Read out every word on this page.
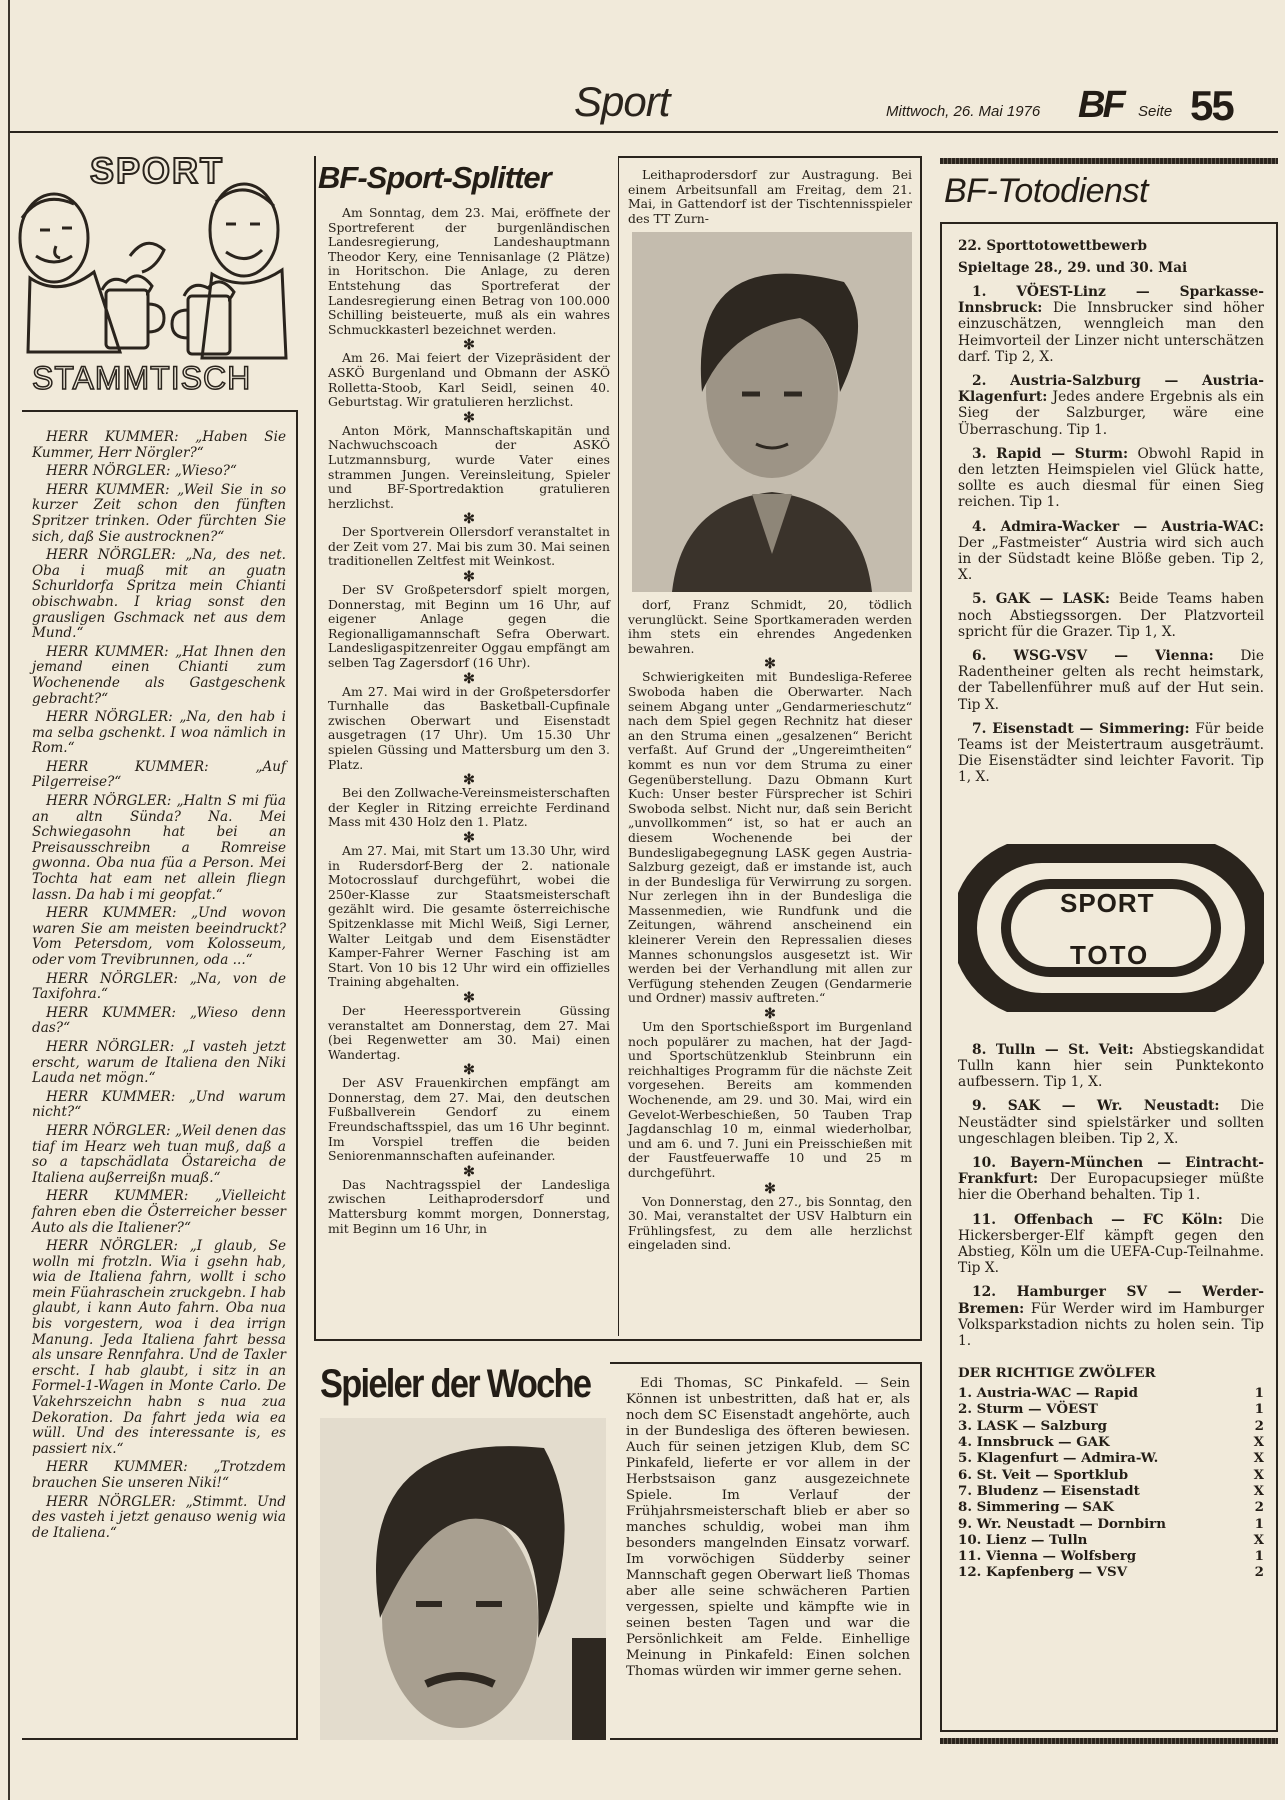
Sport	Mittwoch, 26. Mai 1976 BF Seite 55
SPORT
STAMMTISCH

HERR KUMMER: „Haben Sie Kummer, Herr Nörgler?“

HERR NÖRGLER: „Wieso?“

HERR KUMMER: „Weil Sie in so kurzer Zeit schon den fünften Spritzer trinken. Oder fürchten Sie sich, daß Sie austrocknen?“

HERR NÖRGLER: „Na, des net. Oba i muaß mit an guatn Schurldorfa Spritza mein Chianti obischwabn. I kriag sonst den grausligen Gschmack net aus dem Mund.“

HERR KUMMER: „Hat Ihnen den jemand einen Chianti zum Wochenende als Gastgeschenk gebracht?“

HERR NÖRGLER: „Na, den hab i ma selba gschenkt. I woa nämlich in Rom.“

HERR KUMMER:	„Auf Pilgerreise?“

HERR NÖRGLER: „Haltn S mi füa an altn Sünda? Na. Mei Schwiegasohn hat bei an Preisausschreibn a Romreise gwonna. Oba nua füa a Person. Mei Tochta hat eam net allein fliegn lassn. Da hab i mi geopfat.“

HERR KUMMER: „Und wovon waren Sie am meisten beeindruckt? Vom Petersdom, vom Kolosseum, oder vom Trevibrunnen, oda ...“

HERR NÖRGLER: „Na, von de Taxifohra.“

HERR KUMMER: „Wieso denn das?“

HERR NÖRGLER: „I vasteh jetzt erscht, warum de Italiena den Niki Lauda net mögn.“

HERR KUMMER: „Und warum nicht?“

HERR NÖRGLER: „Weil denen das tiaf im Hearz weh tuan muß, daß a so a tapschädlata Östareicha de Italiena außerreißn muaß.“

HERR KUMMER: „Vielleicht fahren eben die Österreicher besser Auto als die Italiener?“

HERR NÖRGLER: „I glaub, Se wolln mi frotzln. Wia i gsehn hab, wia de Italiena fahrn, wollt i scho mein Füahraschein zruckgebn. I hab glaubt, i kann Auto fahrn. Oba nua bis vorgestern, woa i dea irrign Manung. Jeda Italiena fahrt bessa als unsare Rennfahra. Und de Taxler erscht. I hab glaubt, i sitz in an Formel-1-Wagen in Monte Carlo. De Vakehrszeichn habn s nua zua Dekoration. Da fahrt jeda wia ea wüll. Und des interessante is, es passiert nix.“

HERR KUMMER: „Trotzdem brauchen Sie unseren Niki!“

HERR NÖRGLER: „Stimmt. Und des vasteh i jetzt genauso wenig wia de Italiena.“

BF-Sport-Splitter

Am Sonntag, dem 23. Mai, eröffnete der Sportreferent der burgenländischen Landesregierung, Landeshauptmann Theodor Kery, eine Tennisanlage (2 Plätze) in Horitschon. Die Anlage, zu deren Entstehung das Sportreferat der Landesregierung einen Betrag von 100.000 Schilling beisteuerte, muß als ein wahres Schmuckkasterl bezeichnet werden.

✻

Am 26. Mai feiert der Vizepräsident der ASKÖ Burgenland und Obmann der ASKÖ Rolletta-Stoob, Karl Seidl, seinen 40. Geburtstag. Wir gratulieren herzlichst.

✻

Anton Mörk, Mannschaftskapitän und Nachwuchscoach der ASKÖ Lutzmannsburg, wurde Vater eines strammen Jungen. Vereinsleitung, Spieler und BF-Sportredaktion gratulieren herzlichst.

✻

Der Sportverein Ollersdorf veranstaltet in der Zeit vom 27. Mai bis zum 30. Mai seinen traditionellen Zeltfest mit Weinkost.

✻

Der SV Großpetersdorf spielt morgen, Donnerstag, mit Beginn um 16 Uhr, auf eigener Anlage gegen die Regionalligamannschaft Sefra Oberwart. Landesligaspitzenreiter Oggau empfängt am selben Tag Zagersdorf (16 Uhr).

✻

Am 27. Mai wird in der Großpetersdorfer Turnhalle das Basketball-Cupfinale zwischen Oberwart und Eisenstadt ausgetragen (17 Uhr). Um 15.30 Uhr spielen Güssing und Mattersburg um den 3. Platz.

✻

Bei den Zollwache-Vereinsmeisterschaften der Kegler in Ritzing erreichte Ferdinand Mass mit 430 Holz den 1. Platz.

✻

Am 27. Mai, mit Start um 13.30 Uhr, wird in Rudersdorf-Berg der 2. nationale Motocrosslauf durchgeführt, wobei die 250er-Klasse zur Staatsmeisterschaft gezählt wird. Die gesamte österreichische Spitzenklasse mit Michl Weiß, Sigi Lerner, Walter Leitgab und dem Eisenstädter Kamper-Fahrer Werner Fasching ist am Start. Von 10 bis 12 Uhr wird ein offizielles Training abgehalten.

✻

Der Heeressportverein Güssing veranstaltet am Donnerstag, dem 27. Mai (bei Regenwetter am 30. Mai) einen Wandertag.

✻

Der ASV Frauenkirchen empfängt am Donnerstag, dem 27. Mai, den deutschen Fußballverein Gendorf zu einem Freundschaftsspiel, das um 16 Uhr beginnt. Im Vorspiel treffen die beiden Seniorenmannschaften aufeinander.

✻

Das Nachtragsspiel der Landesliga zwischen Leithaprodersdorf und Mattersburg kommt morgen, Donnerstag, mit Beginn um 16 Uhr, in

Leithaprodersdorf zur Austragung. Bei einem Arbeitsunfall am Freitag, dem 21. Mai, in Gattendorf ist der Tischtennisspieler des TT Zurn-

dorf, Franz Schmidt, 20, tödlich verunglückt. Seine Sportkameraden werden ihm stets ein ehrendes Angedenken bewahren.

✻

Schwierigkeiten mit Bundesliga-Referee Swoboda haben die Oberwarter. Nach seinem Abgang unter „Gendarmerieschutz“ nach dem Spiel gegen Rechnitz hat dieser an den Struma einen „gesalzenen“ Bericht verfaßt. Auf Grund der „Ungereimtheiten“ kommt es nun vor dem Struma zu einer Gegenüberstellung. Dazu Obmann Kurt Kuch: Unser bester Fürsprecher ist Schiri Swoboda selbst. Nicht nur, daß sein Bericht „unvollkommen“ ist, so hat er auch an diesem Wochenende bei der Bundesligabegegnung LASK gegen Austria-Salzburg gezeigt, daß er imstande ist, auch in der Bundesliga für Verwirrung zu sorgen. Nur zerlegen ihn in der Bundesliga die Massenmedien, wie Rundfunk und die Zeitungen, während anscheinend ein kleinerer Verein den Repressalien dieses Mannes schonungslos ausgesetzt ist. Wir werden bei der Verhandlung mit allen zur Verfügung stehenden Zeugen (Gendarmerie und Ordner) massiv auftreten.“

✻

Um den Sportschießsport im Burgenland noch populärer zu machen, hat der Jagd- und Sportschützenklub Steinbrunn ein reichhaltiges Programm für die nächste Zeit vorgesehen. Bereits am kommenden Wochenende, am 29. und 30. Mai, wird ein Gevelot-Werbeschießen, 50 Tauben Trap Jagdanschlag 10 m, einmal wiederholbar, und am 6. und 7. Juni ein Preisschießen mit der Faustfeuerwaffe 10 und 25 m durchgeführt.

✻

Von Donnerstag, den 27., bis Sonntag, den 30. Mai, veranstaltet der USV Halbturn ein Frühlingsfest, zu dem alle herzlichst eingeladen sind.

Spieler der Woche	Edi Thomas, SC Pinkafeld. — Sein Können ist unbestritten, daß hat er, als noch dem SC Eisenstadt angehörte, auch in der Bundesliga des öfteren bewiesen. Auch für seinen jetzigen Klub, dem SC Pinkafeld, lieferte er vor allem in der Herbstsaison ganz ausgezeichnete Spiele. Im Verlauf der Frühjahrsmeisterschaft blieb er aber so manches schuldig, wobei man ihm besonders mangelnden Einsatz vorwarf. Im vorwöchigen Südderby seiner Mannschaft gegen Oberwart ließ Thomas aber alle seine schwächeren Partien vergessen, spielte und kämpfte wie in seinen besten Tagen und war die Persönlichkeit am Felde. Einhellige Meinung in Pinkafeld: Einen solchen Thomas würden wir immer gerne sehen.
BF-Totodienst
22. Sporttotowettbewerb
Spieltage 28., 29. und 30. Mai

1. VÖEST-Linz — Sparkasse-Innsbruck: Die Innsbrucker sind höher einzuschätzen, wenngleich man den Heimvorteil der Linzer nicht unterschätzen darf. Tip 2, X.

2. Austria-Salzburg — Austria-Klagenfurt: Jedes andere Ergebnis als ein Sieg der Salzburger, wäre eine Überraschung. Tip 1.

3. Rapid — Sturm: Obwohl Rapid in den letzten Heimspielen viel Glück hatte, sollte es auch diesmal für einen Sieg reichen. Tip 1.

4. Admira-Wacker — Austria-WAC: Der „Fastmeister“ Austria wird sich auch in der Südstadt keine Blöße geben. Tip 2, X.

5. GAK — LASK: Beide Teams haben noch Abstiegssorgen. Der Platzvorteil spricht für die Grazer. Tip 1, X.

6. WSG-VSV — Vienna: Die Radentheiner gelten als recht heimstark, der Tabellenführer muß auf der Hut sein. Tip X.

7. Eisenstadt — Simmering: Für beide Teams ist der Meistertraum ausgeträumt. Die Eisenstädter sind leichter Favorit. Tip 1, X.

SPORT
TOTO

8. Tulln — St. Veit: Abstiegskandidat Tulln kann hier sein Punktekonto aufbessern. Tip 1, X.

9. SAK — Wr. Neustadt: Die Neustädter sind spielstärker und sollten ungeschlagen bleiben. Tip 2, X.

10. Bayern-München — Eintracht-Frankfurt: Der Europacupsieger müßte hier die Oberhand behalten. Tip 1.

11. Offenbach — FC Köln: Die Hickersberger-Elf kämpft gegen den Abstieg, Köln um die UEFA-Cup-Teilnahme. Tip X.

12. Hamburger SV — Werder-Bremen: Für Werder wird im Hamburger Volksparkstadion nichts zu holen sein. Tip 1.

DER RICHTIGE ZWÖLFER
1. Austria-WAC — Rapid	1
2. Sturm — VÖEST	1
3. LASK — Salzburg	2
4. Innsbruck — GAK	X
5. Klagenfurt — Admira-W.	X
6. St. Veit — Sportklub	X
7. Bludenz — Eisenstadt	X
8. Simmering — SAK	2
9. Wr. Neustadt — Dornbirn	1
10. Lienz — Tulln	X
11. Vienna — Wolfsberg	1
12. Kapfenberg — VSV	2
